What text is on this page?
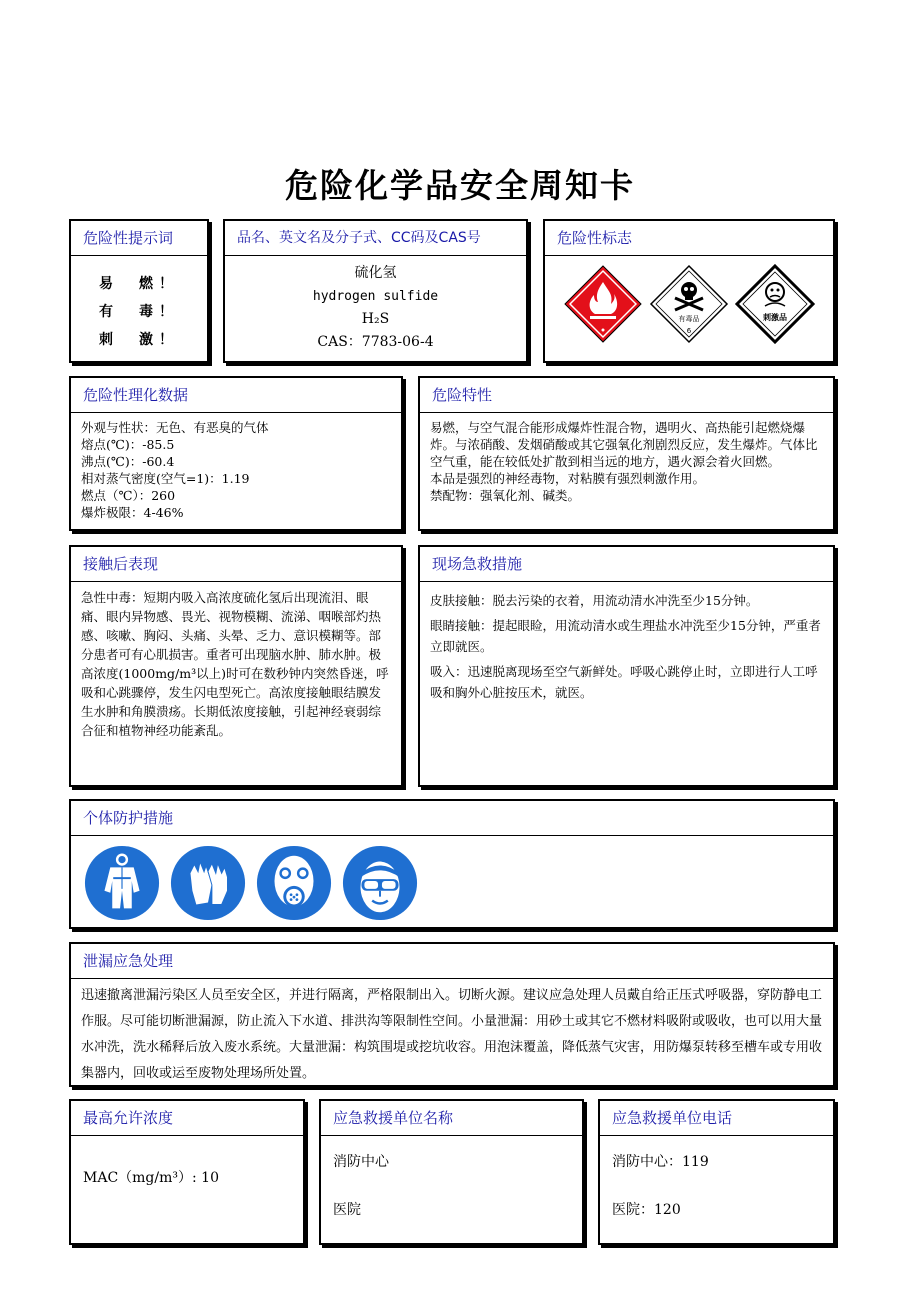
危险化学品安全周知卡
危险性提示词
易　燃！
有　毒！
刺　激！
品名、英文名及分子式、CC码及CAS号
硫化氢
hydrogen sulfide
H₂S
CAS：7783-06-4
危险性标志
有毒品
6
刺激品
危险性理化数据

外观与性状：无色、有恶臭的气体

熔点(℃)：-85.5

沸点(℃)：-60.4

相对蒸气密度(空气=1)：1.19

燃点（℃）：260

爆炸极限：4-46%

危险特性

易燃，与空气混合能形成爆炸性混合物，遇明火、高热能引起燃烧爆炸。与浓硝酸、发烟硝酸或其它强氧化剂剧烈反应，发生爆炸。气体比空气重，能在较低处扩散到相当远的地方，遇火源会着火回燃。

本品是强烈的神经毒物，对粘膜有强烈刺激作用。

禁配物：强氧化剂、碱类。

接触后表现
急性中毒：短期内吸入高浓度硫化氢后出现流泪、眼痛、眼内异物感、畏光、视物模糊、流涕、咽喉部灼热感、咳嗽、胸闷、头痛、头晕、乏力、意识模糊等。部分患者可有心肌损害。重者可出现脑水肿、肺水肿。极高浓度(1000mg/m³以上)时可在数秒钟内突然昏迷，呼吸和心跳骤停，发生闪电型死亡。高浓度接触眼结膜发生水肿和角膜溃疡。长期低浓度接触，引起神经衰弱综合征和植物神经功能紊乱。
现场急救措施

皮肤接触：脱去污染的衣着，用流动清水冲洗至少15分钟。

眼睛接触：提起眼睑，用流动清水或生理盐水冲洗至少15分钟，严重者立即就医。

吸入：迅速脱离现场至空气新鲜处。呼吸心跳停止时，立即进行人工呼吸和胸外心脏按压术，就医。

个体防护措施
泄漏应急处理
迅速撤离泄漏污染区人员至安全区，并进行隔离，严格限制出入。切断火源。建议应急处理人员戴自给正压式呼吸器，穿防静电工作服。尽可能切断泄漏源，防止流入下水道、排洪沟等限制性空间。小量泄漏：用砂土或其它不燃材料吸附或吸收，也可以用大量水冲洗，洗水稀释后放入废水系统。大量泄漏：构筑围堤或挖坑收容。用泡沫覆盖，降低蒸气灾害，用防爆泵转移至槽车或专用收集器内，回收或运至废物处理场所处置。
最高允许浓度
MAC（mg/m³）: 10
应急救援单位名称
消防中心
医院
应急救援单位电话
消防中心：119
医院：120
